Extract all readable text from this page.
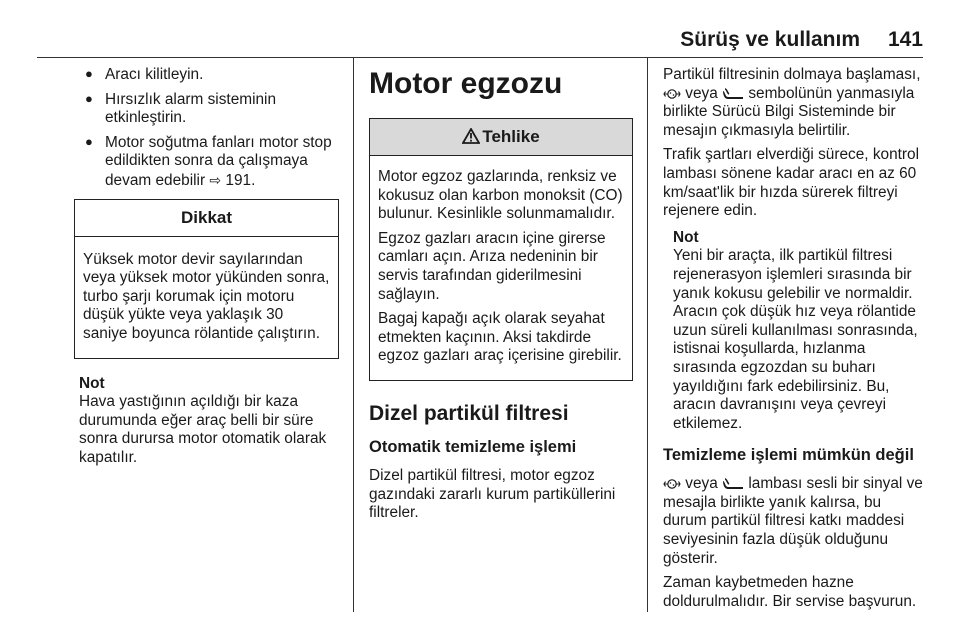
Sürüş ve kullanım 141
● Aracı kilitleyin.
● Hırsızlık alarm sisteminin etkinleştirin.
● Motor soğutma fanları motor stop edildikten sonra da çalışmaya devam edebilir ⇨ 191.
Dikkat

Yüksek motor devir sayılarından veya yüksek motor yükünden sonra, turbo şarjı korumak için motoru düşük yükte veya yaklaşık 30 saniye boyunca rölantide çalıştırın.

Not
Hava yastığının açıldığı bir kaza durumunda eğer araç belli bir süre sonra durursa motor otomatik olarak kapatılır.
Motor egzozu
Tehlike

Motor egzoz gazlarında, renksiz ve kokusuz olan karbon monoksit (CO) bulunur. Kesinlikle solunmamalıdır.

Egzoz gazları aracın içine girerse camları açın. Arıza nedeninin bir servis tarafından giderilmesini sağlayın.

Bagaj kapağı açık olarak seyahat etmekten kaçının. Aksi takdirde egzoz gazları araç içerisine girebilir.

Dizel partikül filtresi
Otomatik temizleme işlemi

Dizel partikül filtresi, motor egzoz gazındaki zararlı kurum partiküllerini filtreler.

Partikül filtresinin dolmaya başlaması,  veya sembolünün yanmasıyla birlikte Sürücü Bilgi Sisteminde bir mesajın çıkmasıyla belirtilir.

Trafik şartları elverdiği sürece, kontrol lambası sönene kadar aracı en az 60 km/saat'lik bir hızda sürerek filtreyi rejenere edin.

Not
Yeni bir araçta, ilk partikül filtresi rejenerasyon işlemleri sırasında bir yanık kokusu gelebilir ve normaldir. Aracın çok düşük hız veya rölantide uzun süreli kullanılması sonrasında, istisnai koşullarda, hızlanma sırasında egzozdan su buharı yayıldığını fark edebilirsiniz. Bu, aracın davranışını veya çevreyi etkilemez.
Temizleme işlemi mümkün değil

veya lambası sesli bir sinyal ve mesajla birlikte yanık kalırsa, bu durum partikül filtresi katkı maddesi seviyesinin fazla düşük olduğunu gösterir.

Zaman kaybetmeden hazne doldurulmalıdır. Bir servise başvurun.
